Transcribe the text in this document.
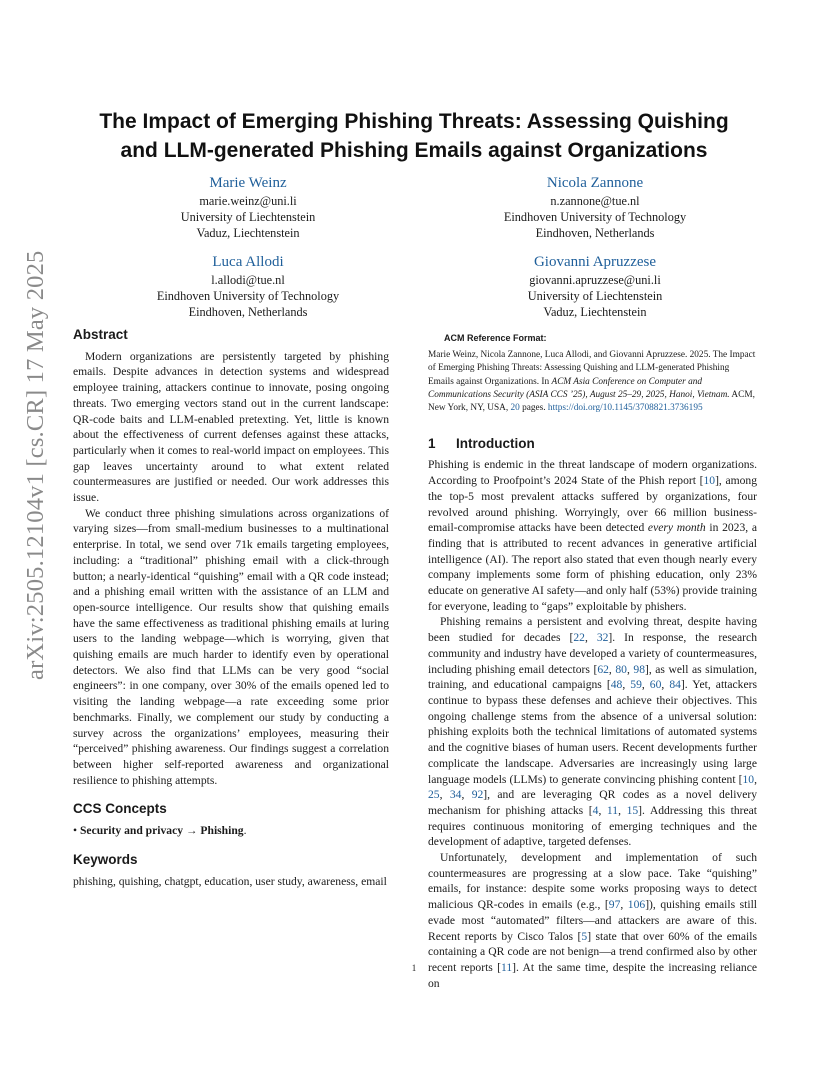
arXiv:2505.12104v1 [cs.CR] 17 May 2025
The Impact of Emerging Phishing Threats: Assessing Quishing
and LLM-generated Phishing Emails against Organizations
Marie Weinz
marie.weinz@uni.li
University of Liechtenstein
Vaduz, Liechtenstein
Nicola Zannone
n.zannone@tue.nl
Eindhoven University of Technology
Eindhoven, Netherlands
Luca Allodi
l.allodi@tue.nl
Eindhoven University of Technology
Eindhoven, Netherlands
Giovanni Apruzzese
giovanni.apruzzese@uni.li
University of Liechtenstein
Vaduz, Liechtenstein
Abstract

Modern organizations are persistently targeted by phishing emails. Despite advances in detection systems and widespread employee training, attackers continue to innovate, posing ongoing threats. Two emerging vectors stand out in the current landscape: QR-code baits and LLM-enabled pretexting. Yet, little is known about the effectiveness of current defenses against these attacks, particularly when it comes to real-world impact on employees. This gap leaves uncertainty around to what extent related countermeasures are justified or needed. Our work addresses this issue.

We conduct three phishing simulations across organizations of varying sizes—from small-medium businesses to a multinational enterprise. In total, we send over 71k emails targeting employees, including: a “traditional” phishing email with a click-through button; a nearly-identical “quishing” email with a QR code instead; and a phishing email written with the assistance of an LLM and open-source intelligence. Our results show that quishing emails have the same effectiveness as traditional phishing emails at luring users to the landing webpage—which is worrying, given that quishing emails are much harder to identify even by operational detectors. We also find that LLMs can be very good “social engineers”: in one company, over 30% of the emails opened led to visiting the landing webpage—a rate exceeding some prior benchmarks. Finally, we complement our study by conducting a survey across the organizations’ employees, measuring their “perceived” phishing awareness. Our findings suggest a correlation between higher self-reported awareness and organizational resilience to phishing attempts.

CCS Concepts

• Security and privacy → Phishing.

Keywords

phishing, quishing, chatgpt, education, user study, awareness, email

ACM Reference Format:

Marie Weinz, Nicola Zannone, Luca Allodi, and Giovanni Apruzzese. 2025. The Impact of Emerging Phishing Threats: Assessing Quishing and LLM-generated Phishing Emails against Organizations. In ACM Asia Conference on Computer and Communications Security (ASIA CCS ’25), August 25–29, 2025, Hanoi, Vietnam. ACM, New York, NY, USA, 20 pages. https://doi.org/10.1145/3708821.3736195

1 Introduction

Phishing is endemic in the threat landscape of modern organizations. According to Proofpoint’s 2024 State of the Phish report [10], among the top-5 most prevalent attacks suffered by organizations, four revolved around phishing. Worryingly, over 66 million business-email-compromise attacks have been detected every month in 2023, a finding that is attributed to recent advances in generative artificial intelligence (AI). The report also stated that even though nearly every company implements some form of phishing education, only 23% educate on generative AI safety—and only half (53%) provide training for everyone, leading to “gaps” exploitable by phishers.

Phishing remains a persistent and evolving threat, despite having been studied for decades [22, 32]. In response, the research community and industry have developed a variety of countermeasures, including phishing email detectors [62, 80, 98], as well as simulation, training, and educational campaigns [48, 59, 60, 84]. Yet, attackers continue to bypass these defenses and achieve their objectives. This ongoing challenge stems from the absence of a universal solution: phishing exploits both the technical limitations of automated systems and the cognitive biases of human users. Recent developments further complicate the landscape. Adversaries are increasingly using large language models (LLMs) to generate convincing phishing content [10, 25, 34, 92], and are leveraging QR codes as a novel delivery mechanism for phishing attacks [4, 11, 15]. Addressing this threat requires continuous monitoring of emerging techniques and the development of adaptive, targeted defenses.

Unfortunately, development and implementation of such countermeasures are progressing at a slow pace. Take “quishing” emails, for instance: despite some works proposing ways to detect malicious QR-codes in emails (e.g., [97, 106]), quishing emails still evade most “automated” filters—and attackers are aware of this. Recent reports by Cisco Talos [5] state that over 60% of the emails containing a QR code are not benign—a trend confirmed also by other recent reports [11]. At the same time, despite the increasing reliance on

1
